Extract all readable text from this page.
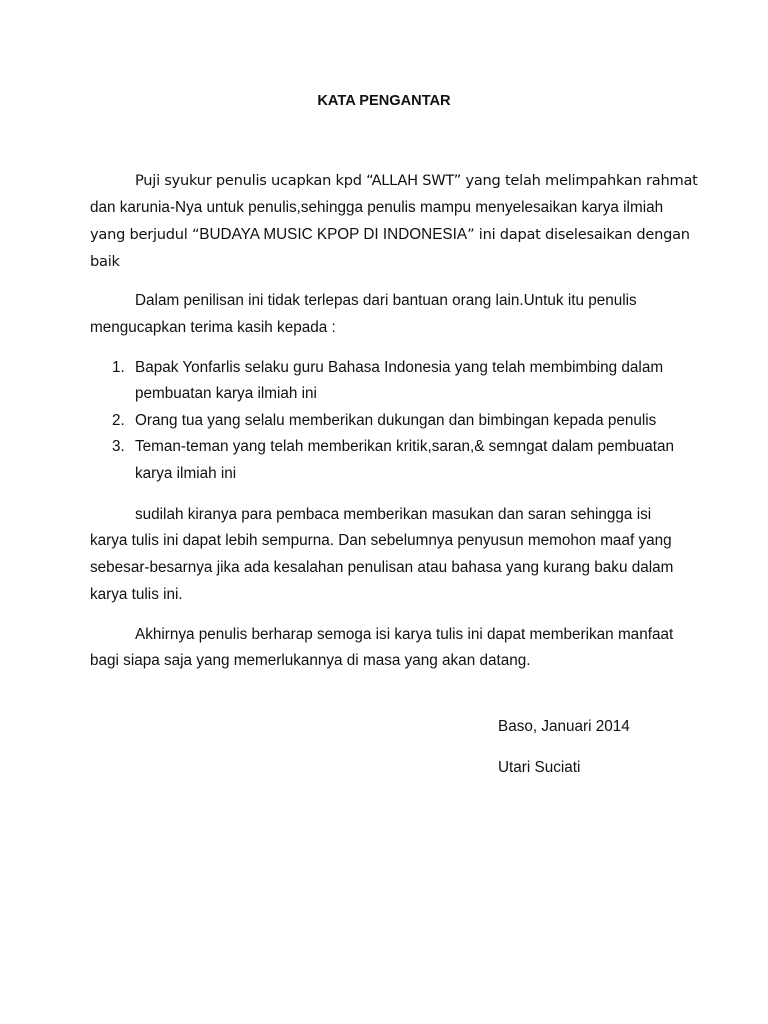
KATA PENGANTAR
Puji syukur penulis ucapkan kpd “ALLAH SWT” yang telah melimpahkan rahmat
dan karunia-Nya untuk penulis,sehingga penulis mampu menyelesaikan karya ilmiah
yang berjudul “BUDAYA MUSIC KPOP DI INDONESIA” ini dapat diselesaikan dengan
baik
Dalam penilisan ini tidak terlepas dari bantuan orang lain.Untuk itu penulis
mengucapkan terima kasih kepada :
1. Bapak Yonfarlis selaku guru Bahasa Indonesia yang telah membimbing dalam
pembuatan karya ilmiah ini
2. Orang tua yang selalu memberikan dukungan dan bimbingan kepada penulis
3. Teman-teman yang telah memberikan kritik,saran,& semngat dalam pembuatan
karya ilmiah ini
sudilah kiranya para pembaca memberikan masukan dan saran sehingga isi
karya tulis ini dapat lebih sempurna. Dan sebelumnya penyusun memohon maaf yang
sebesar-besarnya jika ada kesalahan penulisan atau bahasa yang kurang baku dalam
karya tulis ini.
Akhirnya penulis berharap semoga isi karya tulis ini dapat memberikan manfaat
bagi siapa saja yang memerlukannya di masa yang akan datang.
Baso, Januari 2014
Utari Suciati
